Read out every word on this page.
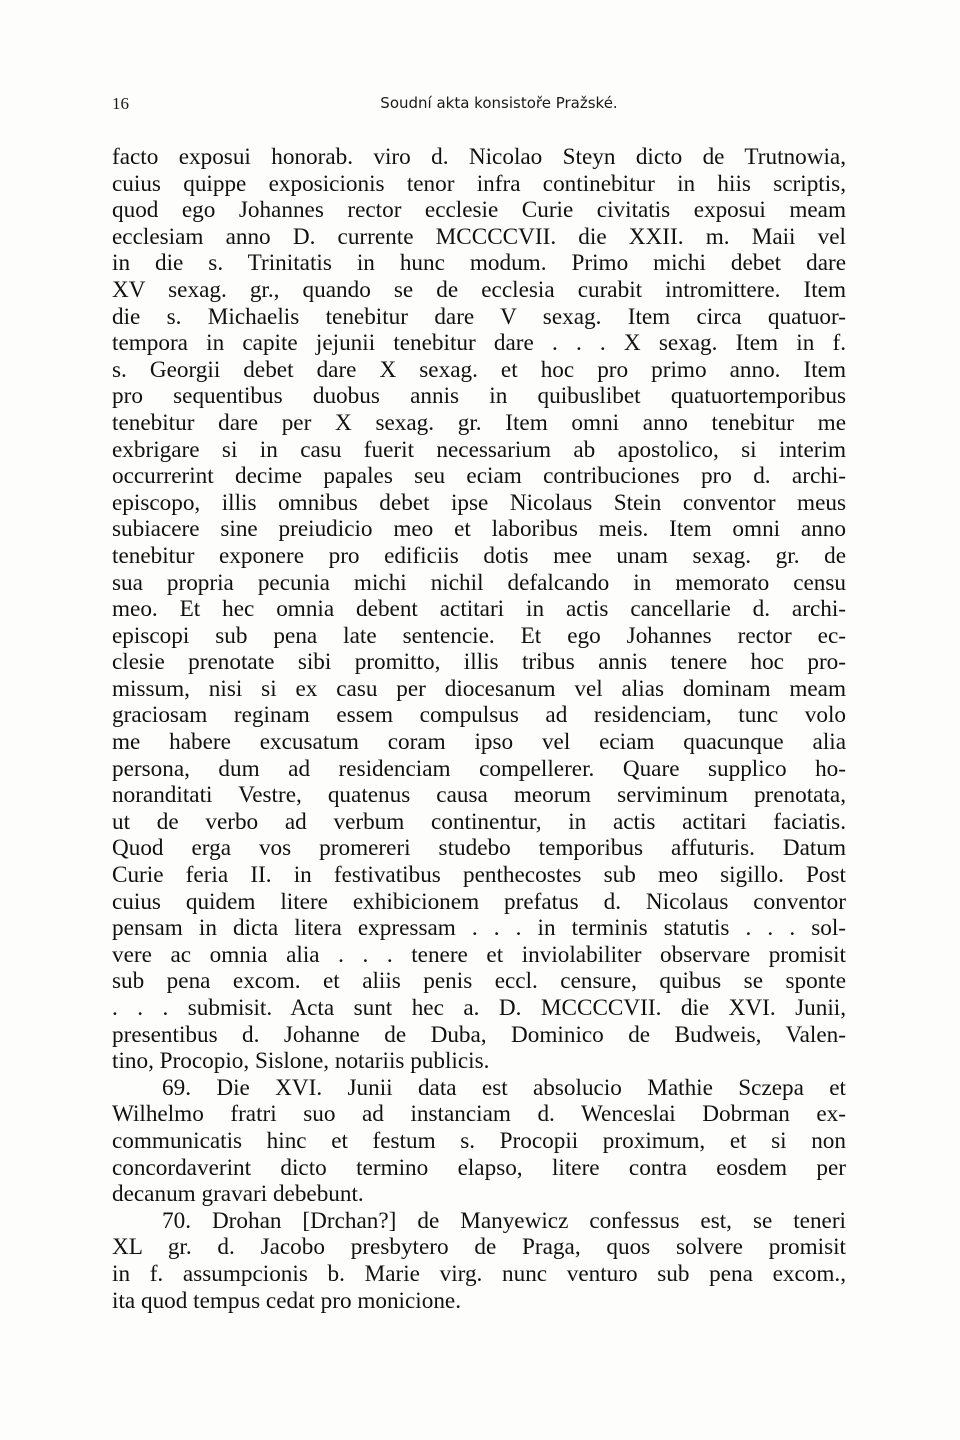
16	Soudní akta konsistoře Pražské.
facto exposui honorab. viro d. Nicolao Steyn dicto de Trutnowia,
cuius quippe exposicionis tenor infra continebitur in hiis scriptis,
quod ego Johannes rector ecclesie Curie civitatis exposui meam
ecclesiam anno D. currente MCCCCVII. die XXII. m. Maii vel
in die s. Trinitatis in hunc modum. Primo michi debet dare
XV sexag. gr., quando se de ecclesia curabit intromittere. Item
die s. Michaelis tenebitur dare V sexag. Item circa quatuor-
tempora in capite jejunii tenebitur dare . . . X sexag. Item in f.
s. Georgii debet dare X sexag. et hoc pro primo anno. Item
pro sequentibus duobus annis in quibuslibet quatuortemporibus
tenebitur dare per X sexag. gr. Item omni anno tenebitur me
exbrigare si in casu fuerit necessarium ab apostolico, si interim
occurrerint decime papales seu eciam contribuciones pro d. archi-
episcopo, illis omnibus debet ipse Nicolaus Stein conventor meus
subiacere sine preiudicio meo et laboribus meis. Item omni anno
tenebitur exponere pro edificiis dotis mee unam sexag. gr. de
sua propria pecunia michi nichil defalcando in memorato censu
meo. Et hec omnia debent actitari in actis cancellarie d. archi-
episcopi sub pena late sentencie. Et ego Johannes rector ec-
clesie prenotate sibi promitto, illis tribus annis tenere hoc pro-
missum, nisi si ex casu per diocesanum vel alias dominam meam
graciosam reginam essem compulsus ad residenciam, tunc volo
me habere excusatum coram ipso vel eciam quacunque alia
persona, dum ad residenciam compellerer. Quare supplico ho-
noranditati Vestre, quatenus causa meorum serviminum prenotata,
ut de verbo ad verbum continentur, in actis actitari faciatis.
Quod erga vos promereri studebo temporibus affuturis. Datum
Curie feria II. in festivatibus penthecostes sub meo sigillo. Post
cuius quidem litere exhibicionem prefatus d. Nicolaus conventor
pensam in dicta litera expressam . . . in terminis statutis . . . sol-
vere ac omnia alia . . . tenere et inviolabiliter observare promisit
sub pena excom. et aliis penis eccl. censure, quibus se sponte
. . . submisit. Acta sunt hec a. D. MCCCCVII. die XVI. Junii,
presentibus d. Johanne de Duba, Dominico de Budweis, Valen-
tino, Procopio, Sislone, notariis publicis.
69. Die XVI. Junii data est absolucio Mathie Sczepa et
Wilhelmo fratri suo ad instanciam d. Wenceslai Dobrman ex-
communicatis hinc et festum s. Procopii proximum, et si non
concordaverint dicto termino elapso, litere contra eosdem per
decanum gravari debebunt.
70. Drohan [Drchan?] de Manyewicz confessus est, se teneri
XL gr. d. Jacobo presbytero de Praga, quos solvere promisit
in f. assumpcionis b. Marie virg. nunc venturo sub pena excom.,
ita quod tempus cedat pro monicione.
